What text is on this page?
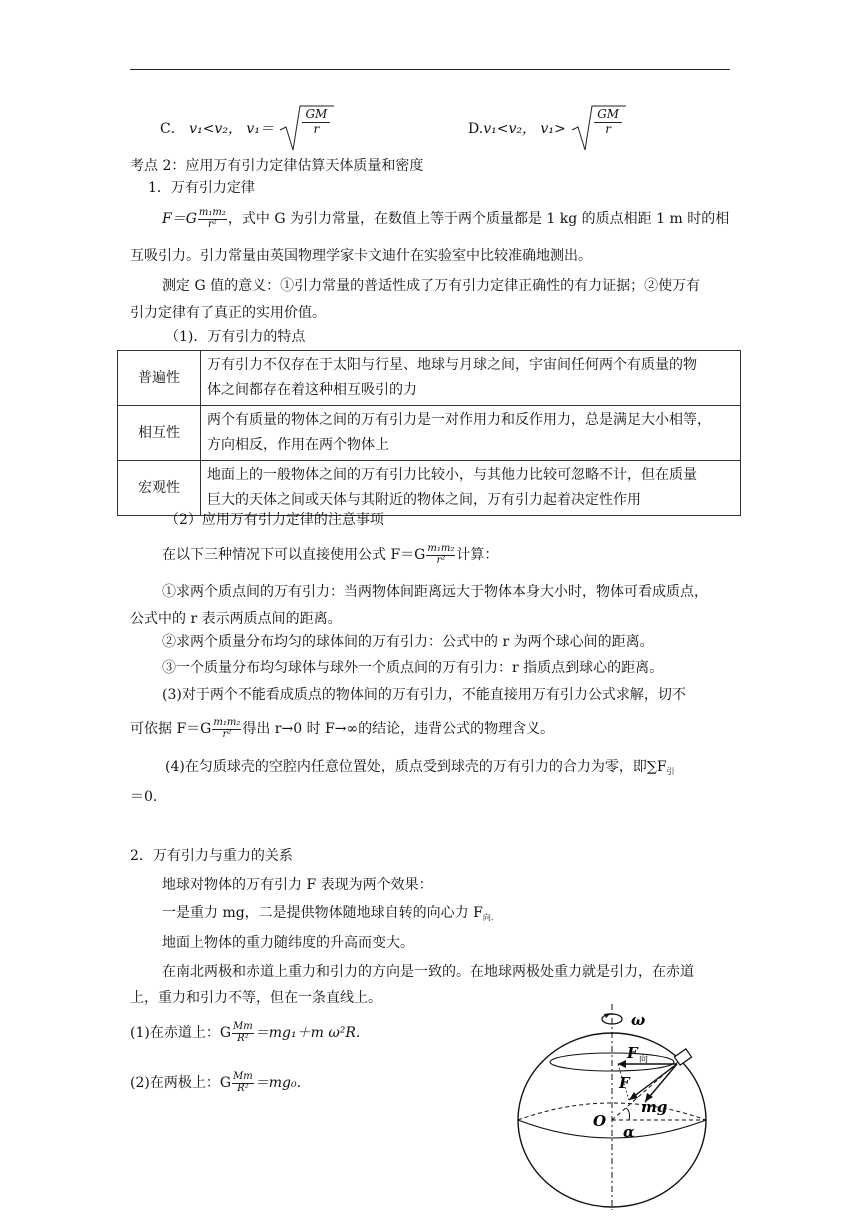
C． v₁<v₂， $v_1= \frac{GM}{r}$	D.v₁<v₂， $v_1> \frac{GM}{r}$
考点 2：应用万有引力定律估算天体质量和密度
1．万有引力定律
$F=G \frac{\text{m₁m₂}}{\text{r²}}$ ，式中 G 为引力常量，在数值上等于两个质量都是 1 kg 的质点相距 1 m 时的相
互吸引力。引力常量由英国物理学家卡文迪什在实验室中比较准确地测出。
测定 G 值的意义：①引力常量的普适性成了万有引力定律正确性的有力证据；②使万有
引力定律有了真正的实用价值。
（1)．万有引力的特点
普遍性	万有引力不仅存在于太阳与行星、地球与月球之间，宇宙间任何两个有质量的物
体之间都存在着这种相互吸引的力
相互性	两个有质量的物体之间的万有引力是一对作用力和反作用力，总是满足大小相等，
方向相反，作用在两个物体上
宏观性	地面上的一般物体之间的万有引力比较小，与其他力比较可忽略不计，但在质量
巨大的天体之间或天体与其附近的物体之间，万有引力起着决定性作用
（2）应用万有引力定律的注意事项
在以下三种情况下可以直接使用公式 $F=G \frac{\text{m₁m₂}}{\text{r²}}$ 计算：
①求两个质点间的万有引力：当两物体间距离远大于物体本身大小时，物体可看成质点，
公式中的 r 表示两质点间的距离。
②求两个质量分布均匀的球体间的万有引力：公式中的 r 为两个球心间的距离。
③一个质量分布均匀球体与球外一个质点间的万有引力：r 指质点到球心的距离。
(3)对于两个不能看成质点的物体间的万有引力，不能直接用万有引力公式求解，切不
可依据 $F=G \frac{\text{m₁m₂}}{\text{r²}}$ 得出 r→0 时 F→∞的结论，违背公式的物理含义。
(4)在匀质球壳的空腔内任意位置处，质点受到球壳的万有引力的合力为零，即$\sum F_引$
＝0.
2．万有引力与重力的关系
地球对物体的万有引力 F 表现为两个效果：
一是重力 mg，二是提供物体随地球自转的向心力 $F_{向.}$
地面上物体的重力随纬度的升高而变大。
在南北两极和赤道上重力和引力的方向是一致的。在地球两极处重力就是引力，在赤道
上，重力和引力不等，但在一条直线上。
(1)在赤道上：G $\frac{Mm}{\text{R²}} =mg_1+m$ ω²R.
(2)在两极上：G $\frac{Mm}{\text{R²}} =mg_0$.
ω
F 向
F
mg
O
α
